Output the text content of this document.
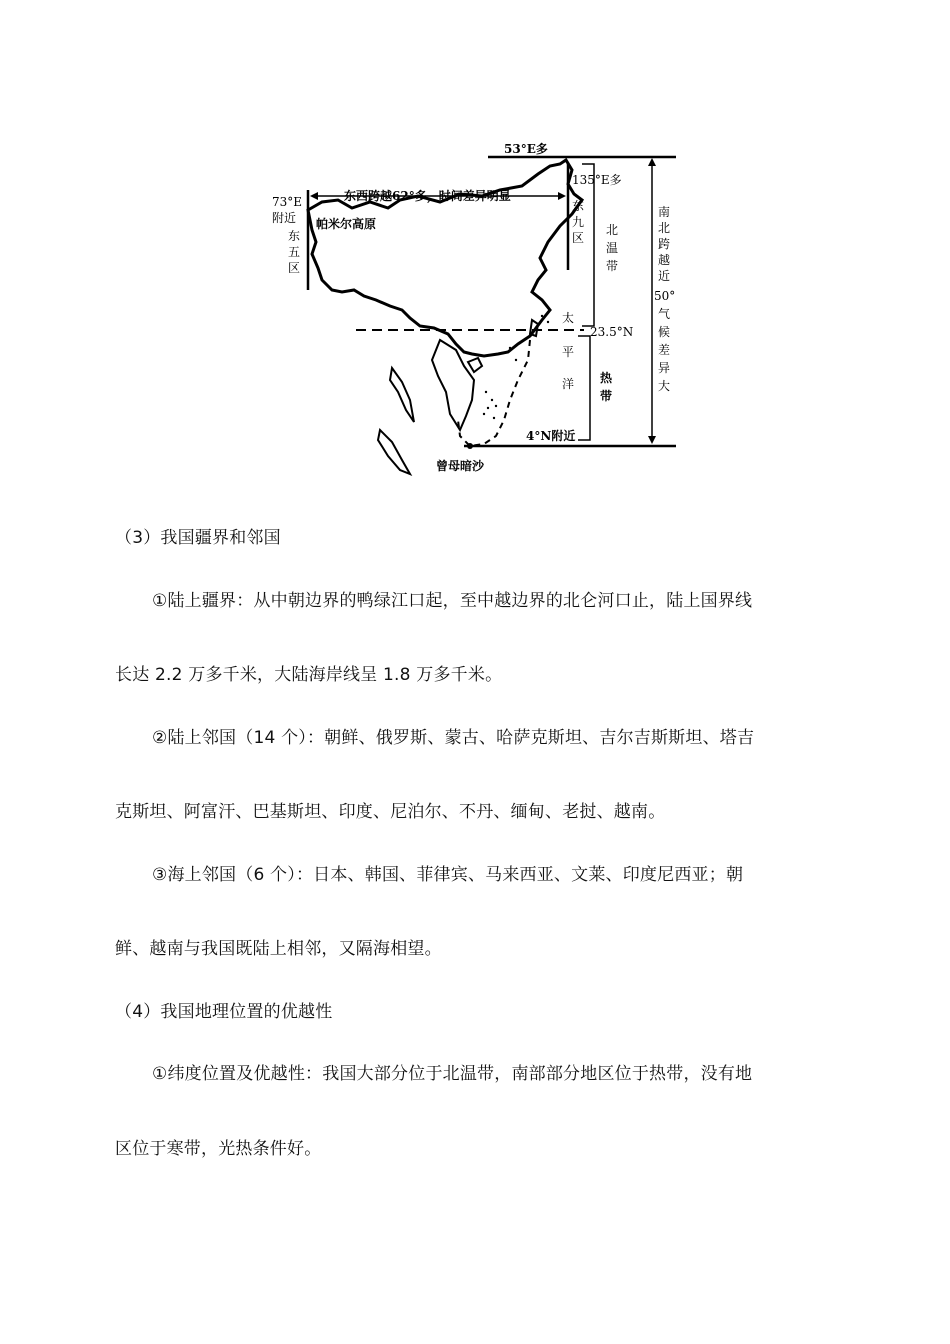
73°E
附近
东
五
区
帕米尔高原
东西跨越62°多，时间差异明显
53°E多
135°E多
东
九
区
北
温
带
23.5°N
太
平
洋 热
带
4°N附近
曾母暗沙
南
北
跨
越
近
50°
气
候
差
异
大
（3）我国疆界和邻国
①陆上疆界：从中朝边界的鸭绿江口起，至中越边界的北仑河口止，陆上国界线
长达 2.2 万多千米，大陆海岸线呈 1.8 万多千米。
②陆上邻国（14 个）：朝鲜、俄罗斯、蒙古、哈萨克斯坦、吉尔吉斯斯坦、塔吉
克斯坦、阿富汗、巴基斯坦、印度、尼泊尔、不丹、缅甸、老挝、越南。
③海上邻国（6 个）：日本、韩国、菲律宾、马来西亚、文莱、印度尼西亚；朝
鲜、越南与我国既陆上相邻，又隔海相望。
（4）我国地理位置的优越性
①纬度位置及优越性：我国大部分位于北温带，南部部分地区位于热带，没有地
区位于寒带，光热条件好。
